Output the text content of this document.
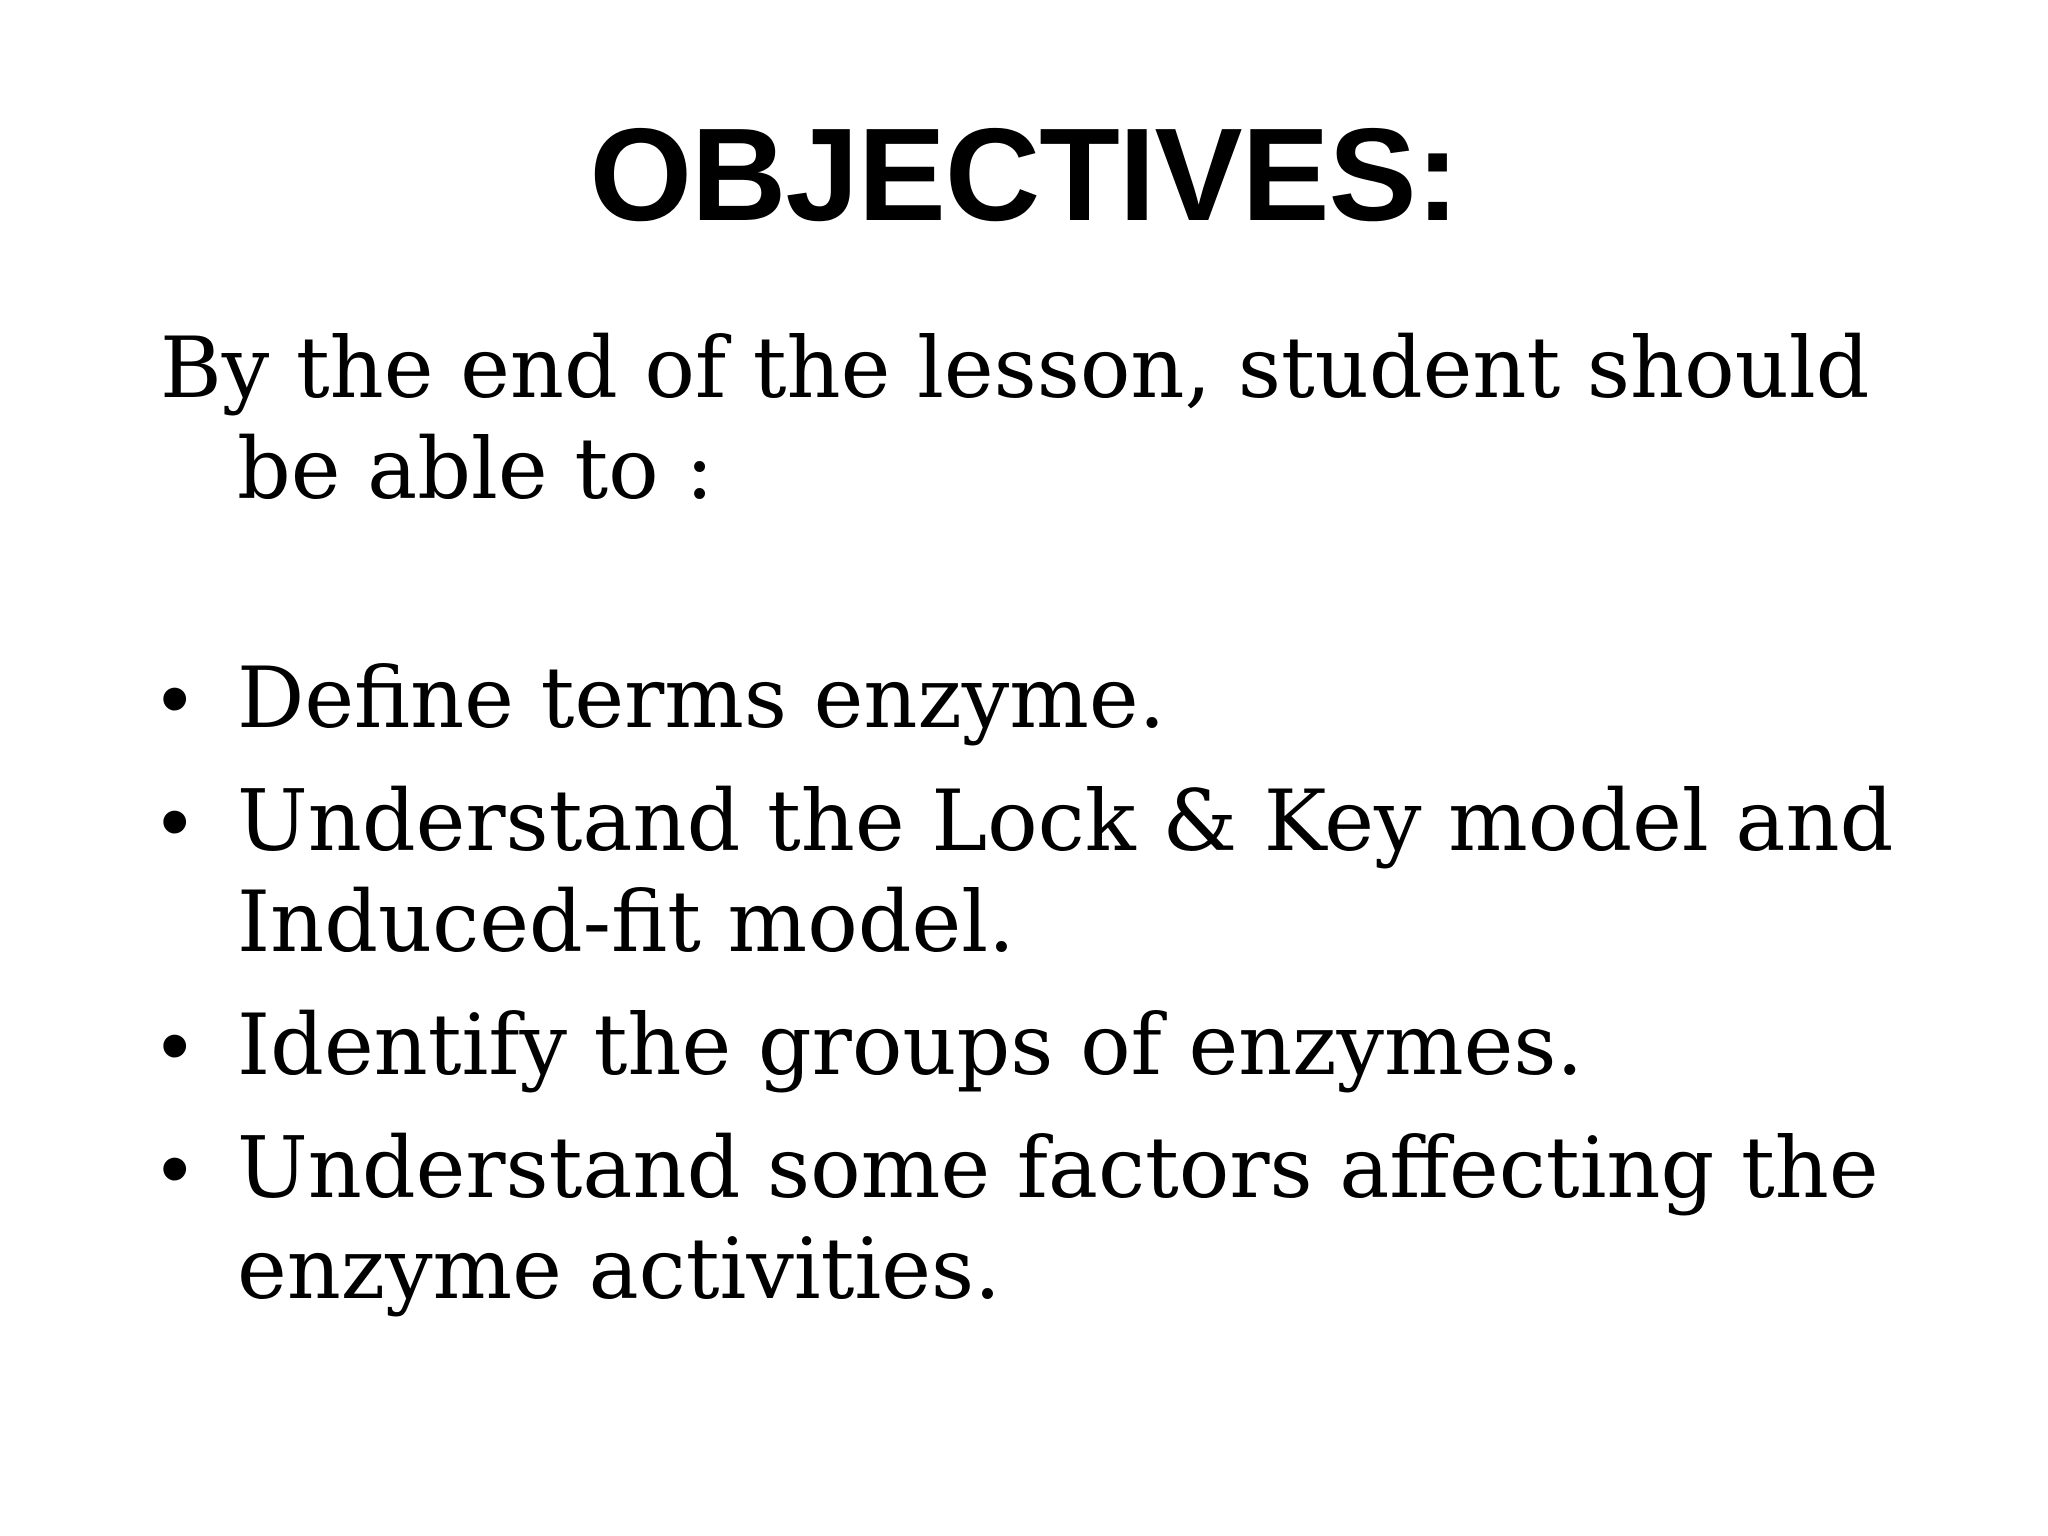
OBJECTIVES:

By the end of the lesson, student should be able to :

• Define terms enzyme.
• Understand the Lock & Key model and Induced-fit model.
• Identify the groups of enzymes.
• Understand some factors affecting the enzyme activities.
